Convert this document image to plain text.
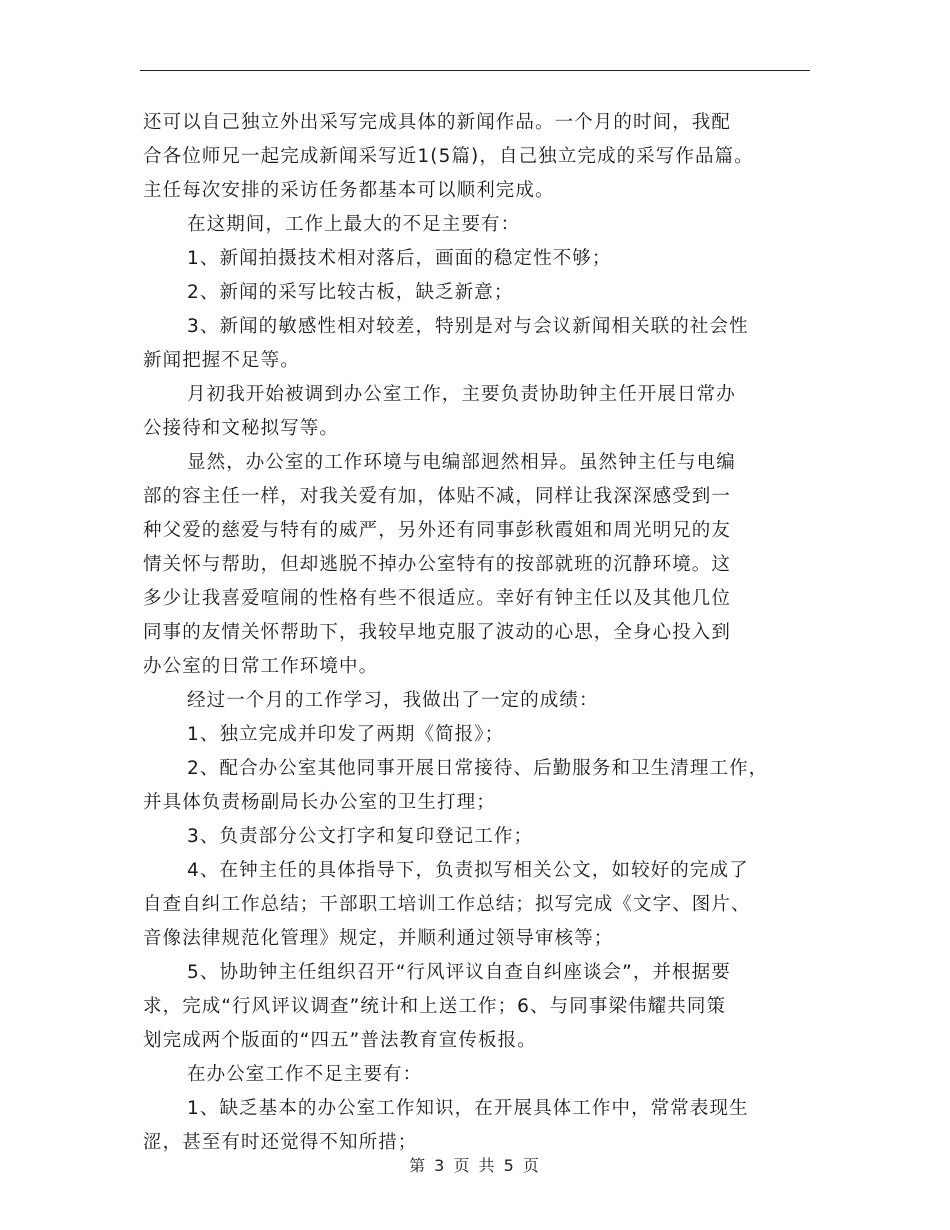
还可以自己独立外出采写完成具体的新闻作品。一个月的时间，我配
合各位师兄一起完成新闻采写近1(5篇)，自己独立完成的采写作品篇。
主任每次安排的采访任务都基本可以顺利完成。
在这期间，工作上最大的不足主要有：
1、新闻拍摄技术相对落后，画面的稳定性不够；
2、新闻的采写比较古板，缺乏新意；
3、新闻的敏感性相对较差，特别是对与会议新闻相关联的社会性
新闻把握不足等。
月初我开始被调到办公室工作，主要负责协助钟主任开展日常办
公接待和文秘拟写等。
显然，办公室的工作环境与电编部迥然相异。虽然钟主任与电编
部的容主任一样，对我关爱有加，体贴不减，同样让我深深感受到一
种父爱的慈爱与特有的威严，另外还有同事彭秋霞姐和周光明兄的友
情关怀与帮助，但却逃脱不掉办公室特有的按部就班的沉静环境。这
多少让我喜爱喧闹的性格有些不很适应。幸好有钟主任以及其他几位
同事的友情关怀帮助下，我较早地克服了波动的心思，全身心投入到
办公室的日常工作环境中。
经过一个月的工作学习，我做出了一定的成绩：
1、独立完成并印发了两期《简报》；
2、配合办公室其他同事开展日常接待、后勤服务和卫生清理工作，
并具体负责杨副局长办公室的卫生打理；
3、负责部分公文打字和复印登记工作；
4、在钟主任的具体指导下，负责拟写相关公文，如较好的完成了
自查自纠工作总结；干部职工培训工作总结；拟写完成《文字、图片、
音像法律规范化管理》规定，并顺利通过领导审核等；
5、协助钟主任组织召开“行风评议自查自纠座谈会”，并根据要
求，完成“行风评议调查”统计和上送工作；6、与同事梁伟耀共同策
划完成两个版面的“四五”普法教育宣传板报。
在办公室工作不足主要有：
1、缺乏基本的办公室工作知识，在开展具体工作中，常常表现生
涩，甚至有时还觉得不知所措；
第 3 页 共 5 页
